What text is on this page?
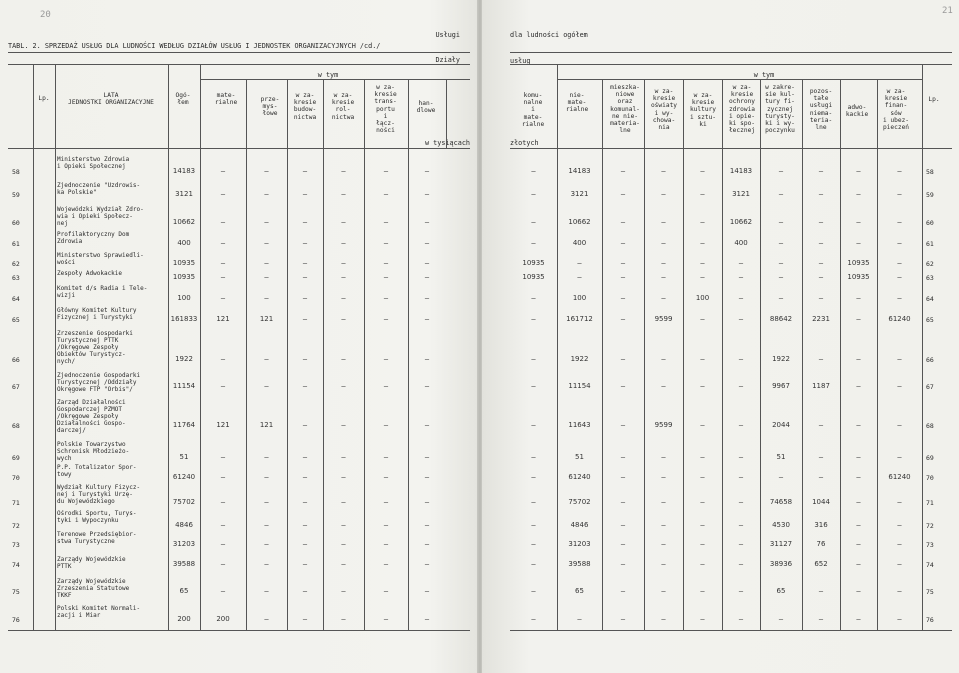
20
Usługi
TABL. 2. SPRZEDAŻ USŁUG DLA LUDNOŚCI WEDŁUG DZIAŁÓW USŁUG I JEDNOSTEK ORGANIZACYJNYCH /cd./
Działy
w tym
Lp.	LATA
JEDNOSTKI ORGANIZACYJNE
Ogó-
łem
mate-
rialne	prze-
mys-
łowe
w za-
kresie
budow-
nictwa
w za-
kresie
rol-
nictwa
w za-
kresie
trans-
portu
i
łącz-
ności
han-
dlowe
w tysiącach
58
Ministerstwo Zdrowia
i Opieki Społecznej
14183	–	–	–	–	–	–
59
Zjednoczenie "Uzdrowis-
ka Polskie"	3121	–	–	–	–	–	–
60
Wojewódzki Wydział Zdro-
wia i Opieki Społecz-
nej	10662	–	–	–	–	–	–
61
Profilaktoryczny Dom
Zdrowia	400	–	–	–	–	–	–
62
Ministerstwo Sprawiedli-
wości	10935	–	–	–	–	–	–
63
Zespoły Adwokackie	10935	–	–	–	–	–	–
64
Komitet d/s Radia i Tele-
wizji	100	–	–	–	–	–	–
65
Główny Komitet Kultury
Fizycznej i Turystyki	161833	121	121	–	–	–	–
66
Zrzeszenie Gospodarki
Turystycznej PTTK
/Okręgowe Zespoły
Obiektów Turystycz-
nych/	1922	–	–	–	–	–	–
67
Zjednoczenie Gospodarki
Turystycznej /Oddziały
Okręgowe FTP "Orbis"/	11154	–	–	–	–	–	–
68
Zarząd Działalności
Gospodarczej PZMOT
/Okręgowe Zespoły
Działalności Gospo-
darczej/
11764	121	121	–	–	–	–
69
Polskie Towarzystwo
Schronisk Młodzieżo-
wych	51	–	–	–	–	–	–
70
P.P. Totalizator Spor-
towy	61240	–	–	–	–	–	–
71
Wydział Kultury Fizycz-
nej i Turystyki Urzę-
du Wojewódzkiego	75702	–	–	–	–	–	–
72
Ośrodki Sportu, Turys-
tyki i Wypoczynku
4846	–	–	–	–	–	–
73
Terenowe Przedsiębior-
stwa Turystyczne	31203	–	–	–	–	–	–
74
Zarządy Wojewódzkie
PTTK	39588	–	–	–	–	–	–
75
Zarządy Wojewódzkie
Zrzeszenia Statutowe
TKKF
65	–	–	–	–	–	–
76
Polski Komitet Normali-
zacji i Miar	200	200	–	–	–	–	–
21
dla ludności ogółem
usług
w tym
komu-
nalne
i
mate-
rialne
nie-
mate-
rialne
mieszka-
niowe
oraz
komunal-
ne nie-
materia-
lne
w za-
kresie
oświaty
i wy-
chowa-
nia
w za-
kresie
kultury
i sztu-
ki
w za-
kresie
ochrony
zdrowia
i opie-
ki spo-
łecznej
w zakre-
sie kul-
tury fi-
zycznej
turysty-
ki i wy-
poczynku
pozos-
tałe
usługi
niema-
teria-
lne
adwo-
kackie
w za-
kresie
finan-
sów
i ubez-
pieczeń
Lp.
złotych
–	14183	–	–	–	14183	–	–	–	–	58
–	3121	–	–	–	3121	–	–	–	–	59
–	10662	–	–	–	10662	–	–	–	–	60
–	400	–	–	–	400	–	–	–	–	61
10935	–	–	–	–	–	–	–	10935	–	62
10935	–	–	–	–	–	–	–	10935	–	63
–	100	–	–	100	–	–	–	–	–	64
–	161712	–	9599	–	–	88642	2231	–	61240	65
–	1922	–	–	–	–	1922	–	–	–	66
–	11154	–	–	–	–	9967	1187	–	–	67
–	11643	–	9599	–	–	2044	–	–	–	68
–	51	–	–	–	–	51	–	–	–	69
–	61240	–	–	–	–	–	–	–	61240	70
–	75702	–	–	–	–	74658	1044	–	–	71
–	4846	–	–	–	–	4530	316	–	–	72
–	31203	–	–	–	–	31127	76	–	–	73
–	39588	–	–	–	–	38936	652	–	–	74
–	65	–	–	–	–	65	–	–	–	75
–	–	–	–	–	–	–	–	–	–	76
